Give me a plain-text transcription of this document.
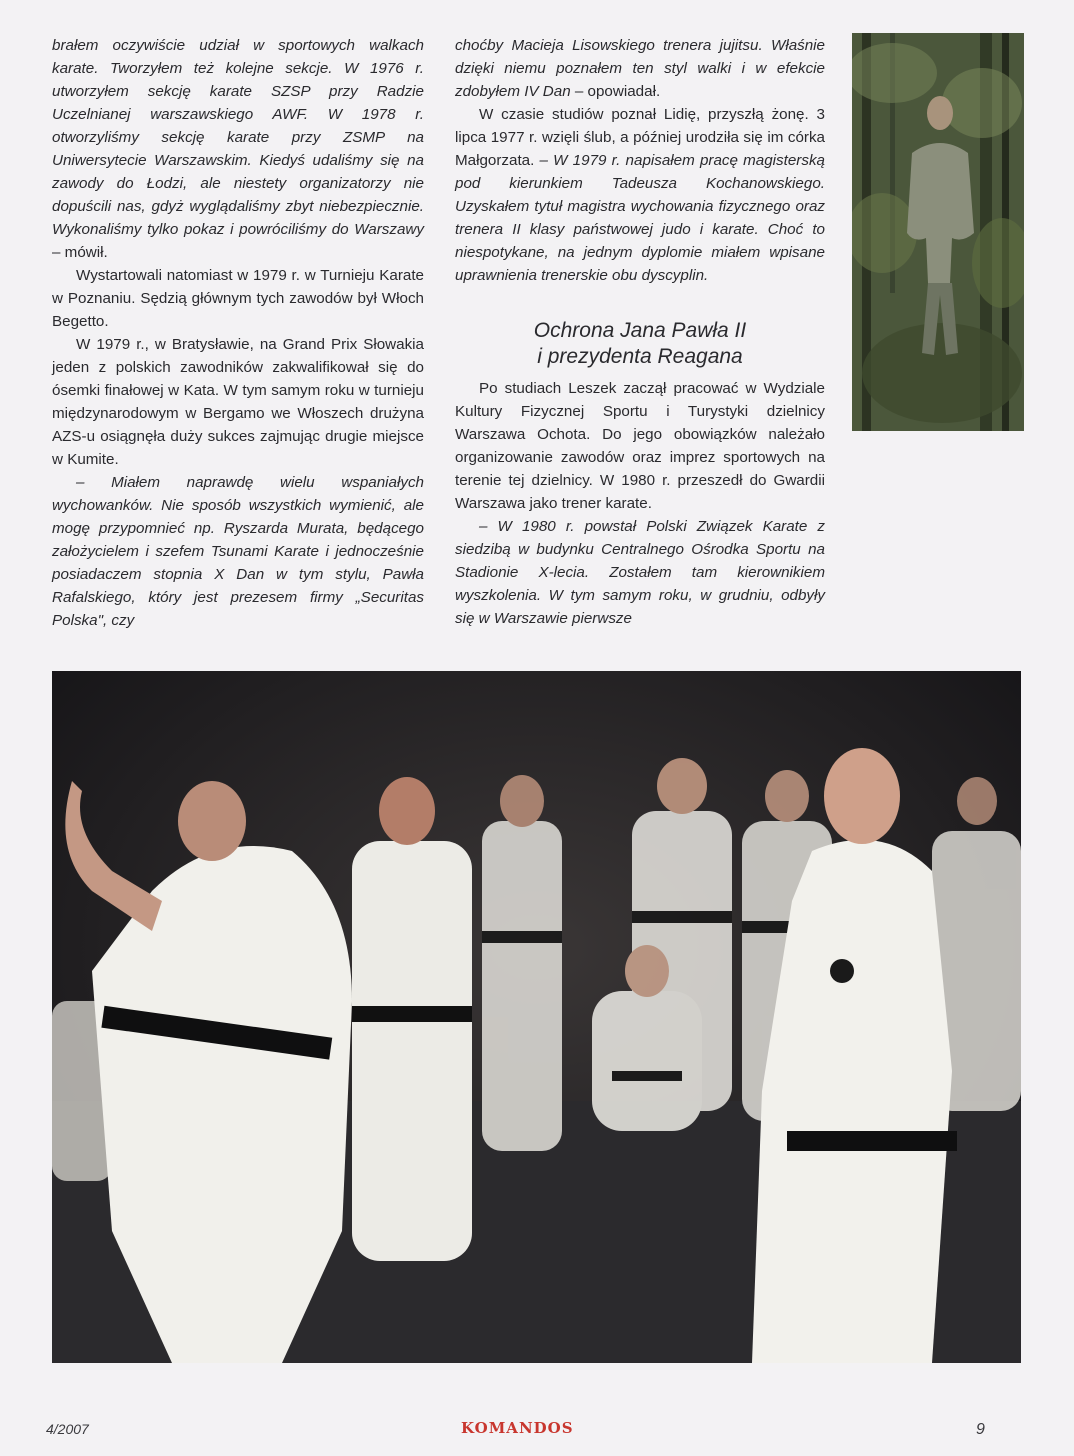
brałem oczywiście udział w sportowych walkach karate. Tworzyłem też kolejne sekcje. W 1976 r. utworzyłem sekcję karate SZSP przy Radzie Uczelnianej warszawskiego AWF. W 1978 r. otworzyliśmy sekcję karate przy ZSMP na Uniwersytecie Warszawskim. Kiedyś udaliśmy się na zawody do Łodzi, ale niestety organizatorzy nie dopuścili nas, gdyż wyglądaliśmy zbyt niebezpiecznie. Wykonaliśmy tylko pokaz i powróciliśmy do Warszawy – mówił.

Wystartowali natomiast w 1979 r. w Turnieju Karate w Poznaniu. Sędzią głównym tych zawodów był Włoch Begetto.

W 1979 r., w Bratysławie, na Grand Prix Słowakia jeden z polskich zawodników zakwalifikował się do ósemki finałowej w Kata. W tym samym roku w turnieju międzynarodowym w Bergamo we Włoszech drużyna AZS-u osiągnęła duży sukces zajmując drugie miejsce w Kumite.

– Miałem naprawdę wielu wspaniałych wychowanków. Nie sposób wszystkich wymienić, ale mogę przypomnieć np. Ryszarda Murata, będącego założycielem i szefem Tsunami Karate i jednocześnie posiadaczem stopnia X Dan w tym stylu, Pawła Rafalskiego, który jest prezesem firmy „Securitas Polska", czy

choćby Macieja Lisowskiego trenera jujitsu. Właśnie dzięki niemu poznałem ten styl walki i w efekcie zdobyłem IV Dan – opowiadał.

W czasie studiów poznał Lidię, przyszłą żonę. 3 lipca 1977 r. wzięli ślub, a później urodziła się im córka Małgorzata. – W 1979 r. napisałem pracę magisterską pod kierunkiem Tadeusza Kochanowskiego. Uzyskałem tytuł magistra wychowania fizycznego oraz trenera II klasy państwowej judo i karate. Choć to niespotykane, na jednym dyplomie miałem wpisane uprawnienia trenerskie obu dyscyplin.

Ochrona Jana Pawła II
i prezydenta Reagana

Po studiach Leszek zaczął pracować w Wydziale Kultury Fizycznej Sportu i Turystyki dzielnicy Warszawa Ochota. Do jego obowiązków należało organizowanie zawodów oraz imprez sportowych na terenie tej dzielnicy. W 1980 r. przeszedł do Gwardii Warszawa jako trener karate.

– W 1980 r. powstał Polski Związek Karate z siedzibą w budynku Centralnego Ośrodka Sportu na Stadionie X-lecia. Zostałem tam kierownikiem wyszkolenia. W tym samym roku, w grudniu, odbyły się w Warszawie pierwsze

4/2007	KOMANDOS	9
